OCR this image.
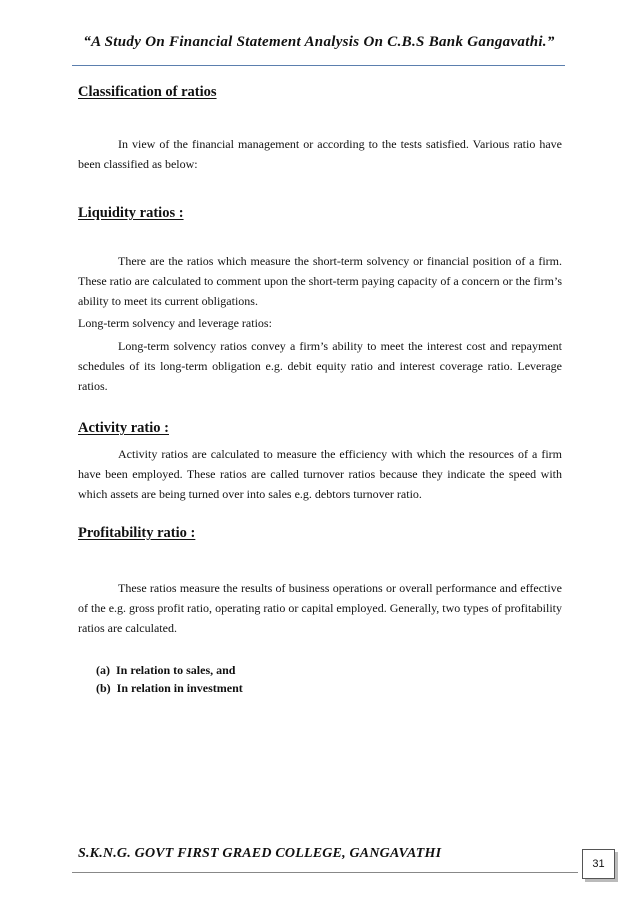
“A Study On Financial Statement Analysis On C.B.S Bank Gangavathi.”
Classification of ratios
In view of the financial management or according to the tests satisfied. Various ratio have been classified as below:
Liquidity ratios :
There are the ratios which measure the short-term solvency or financial position of a firm. These ratio are calculated to comment upon the short-term paying capacity of a concern or the firm’s ability to meet its current obligations.
Long-term solvency and leverage ratios:
Long-term solvency ratios convey a firm’s ability to meet the interest cost and repayment schedules of its long-term obligation e.g. debit equity ratio and interest coverage ratio. Leverage ratios.
Activity ratio :
Activity ratios are calculated to measure the efficiency with which the resources of a firm have been employed. These ratios are called turnover ratios because they indicate the speed with which assets are being turned over into sales e.g. debtors turnover ratio.
Profitability ratio :
These ratios measure the results of business operations or overall performance and effective of the e.g. gross profit ratio, operating ratio or capital employed. Generally, two types of profitability ratios are calculated.
(a) In relation to sales, and
(b) In relation in investment
S.K.N.G. GOVT FIRST GRAED COLLEGE, GANGAVATHI
31
